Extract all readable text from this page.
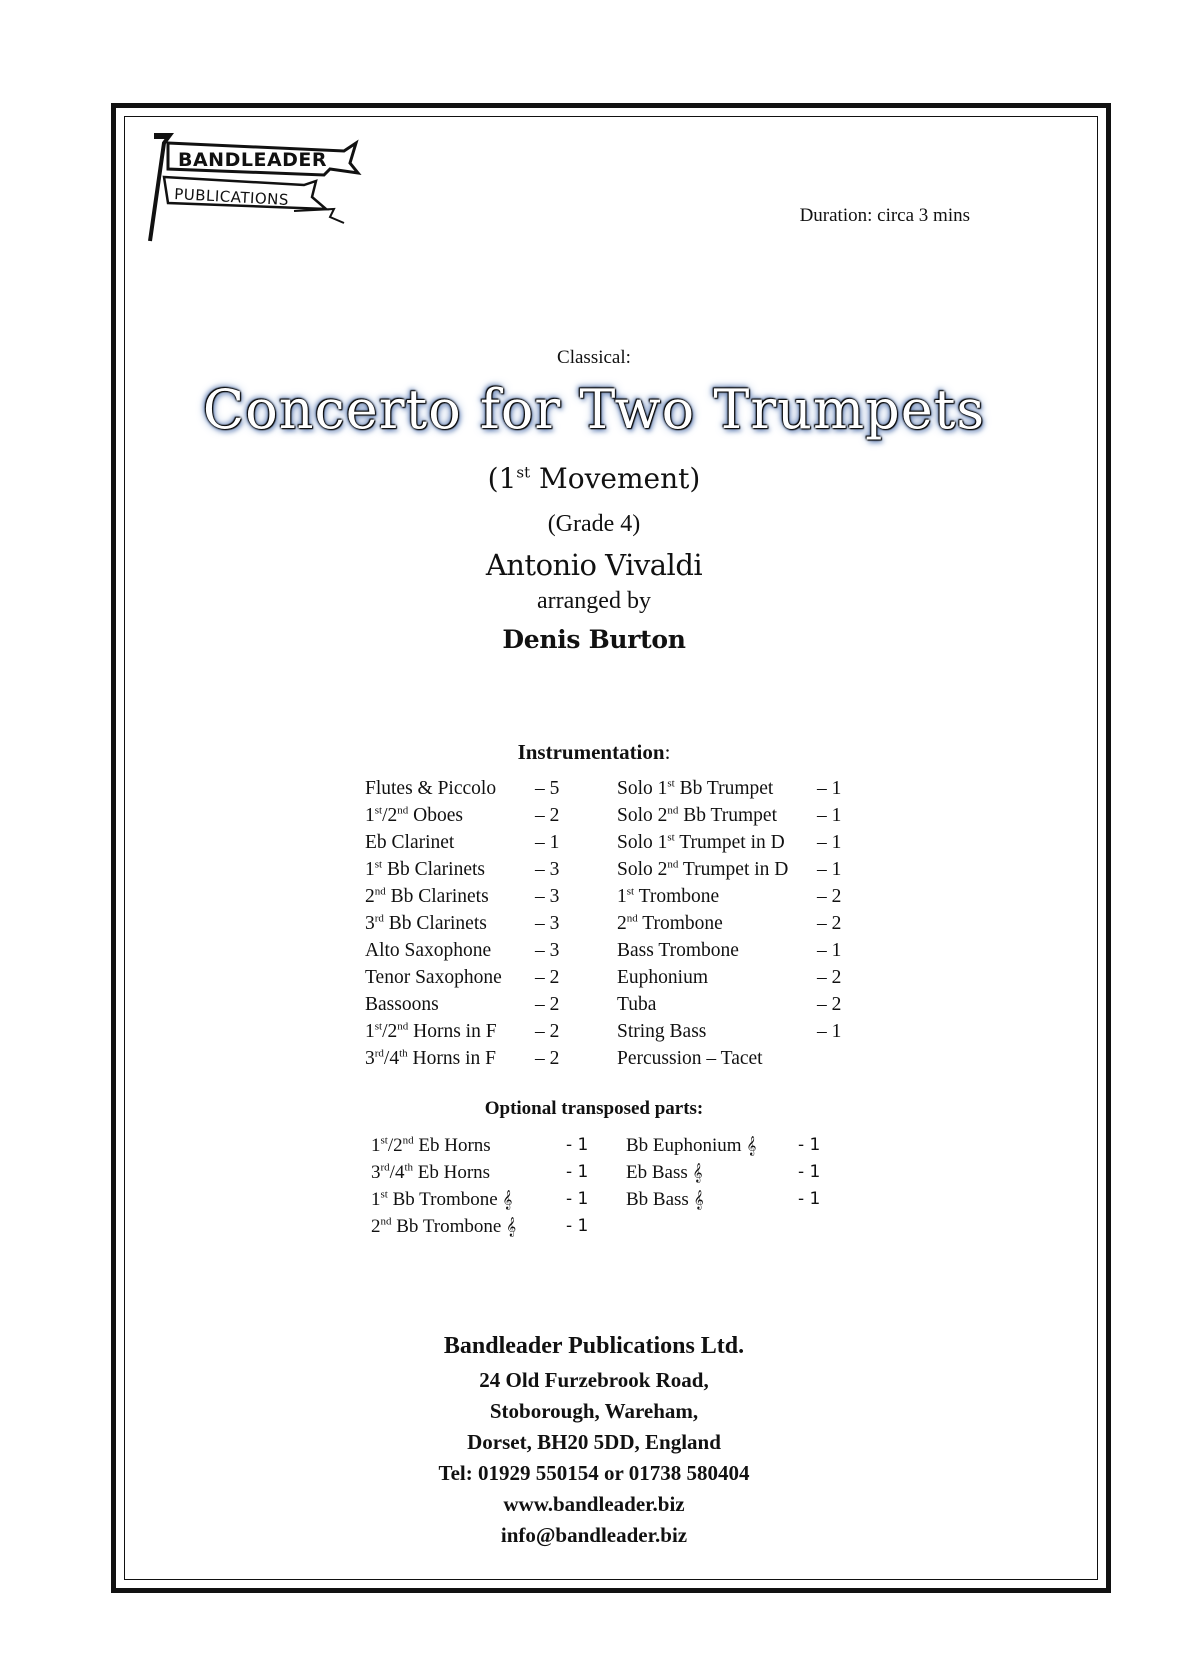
BANDLEADER
PUBLICATIONS
Duration: circa 3 mins
Classical:
Concerto for Two Trumpets
(1st Movement)
(Grade 4)
Antonio Vivaldi
arranged by
Denis Burton
Instrumentation:
Flutes & Piccolo – 5
1st/2nd Oboes	– 2
Eb Clarinet	– 1
1st Bb Clarinets	– 3
2nd Bb Clarinets – 3
3rd Bb Clarinets – 3
Alto Saxophone – 3
Tenor Saxophone – 2
Bassoons	– 2
1st/2nd Horns in F – 2
3rd/4th Horns in F – 2
Solo 1st Bb Trumpet – 1
Solo 2nd Bb Trumpet – 1
Solo 1st Trumpet in D – 1
Solo 2nd Trumpet in D – 1
1st Trombone	– 2
2nd Trombone	– 2
Bass Trombone	– 1
Euphonium	– 2
Tuba	– 2
String Bass	– 1
Percussion – Tacet
Optional transposed parts:
1st/2nd Eb Horns	- 1
3rd/4th Eb Horns	- 1
1st Bb Trombone 𝄞	- 1
2nd Bb Trombone 𝄞	- 1
Bb Euphonium 𝄞 - 1
Eb Bass 𝄞	- 1
Bb Bass 𝄞	- 1
Bandleader Publications Ltd.
24 Old Furzebrook Road,
Stoborough, Wareham,
Dorset, BH20 5DD, England
Tel: 01929 550154 or 01738 580404
www.bandleader.biz
info@bandleader.biz
